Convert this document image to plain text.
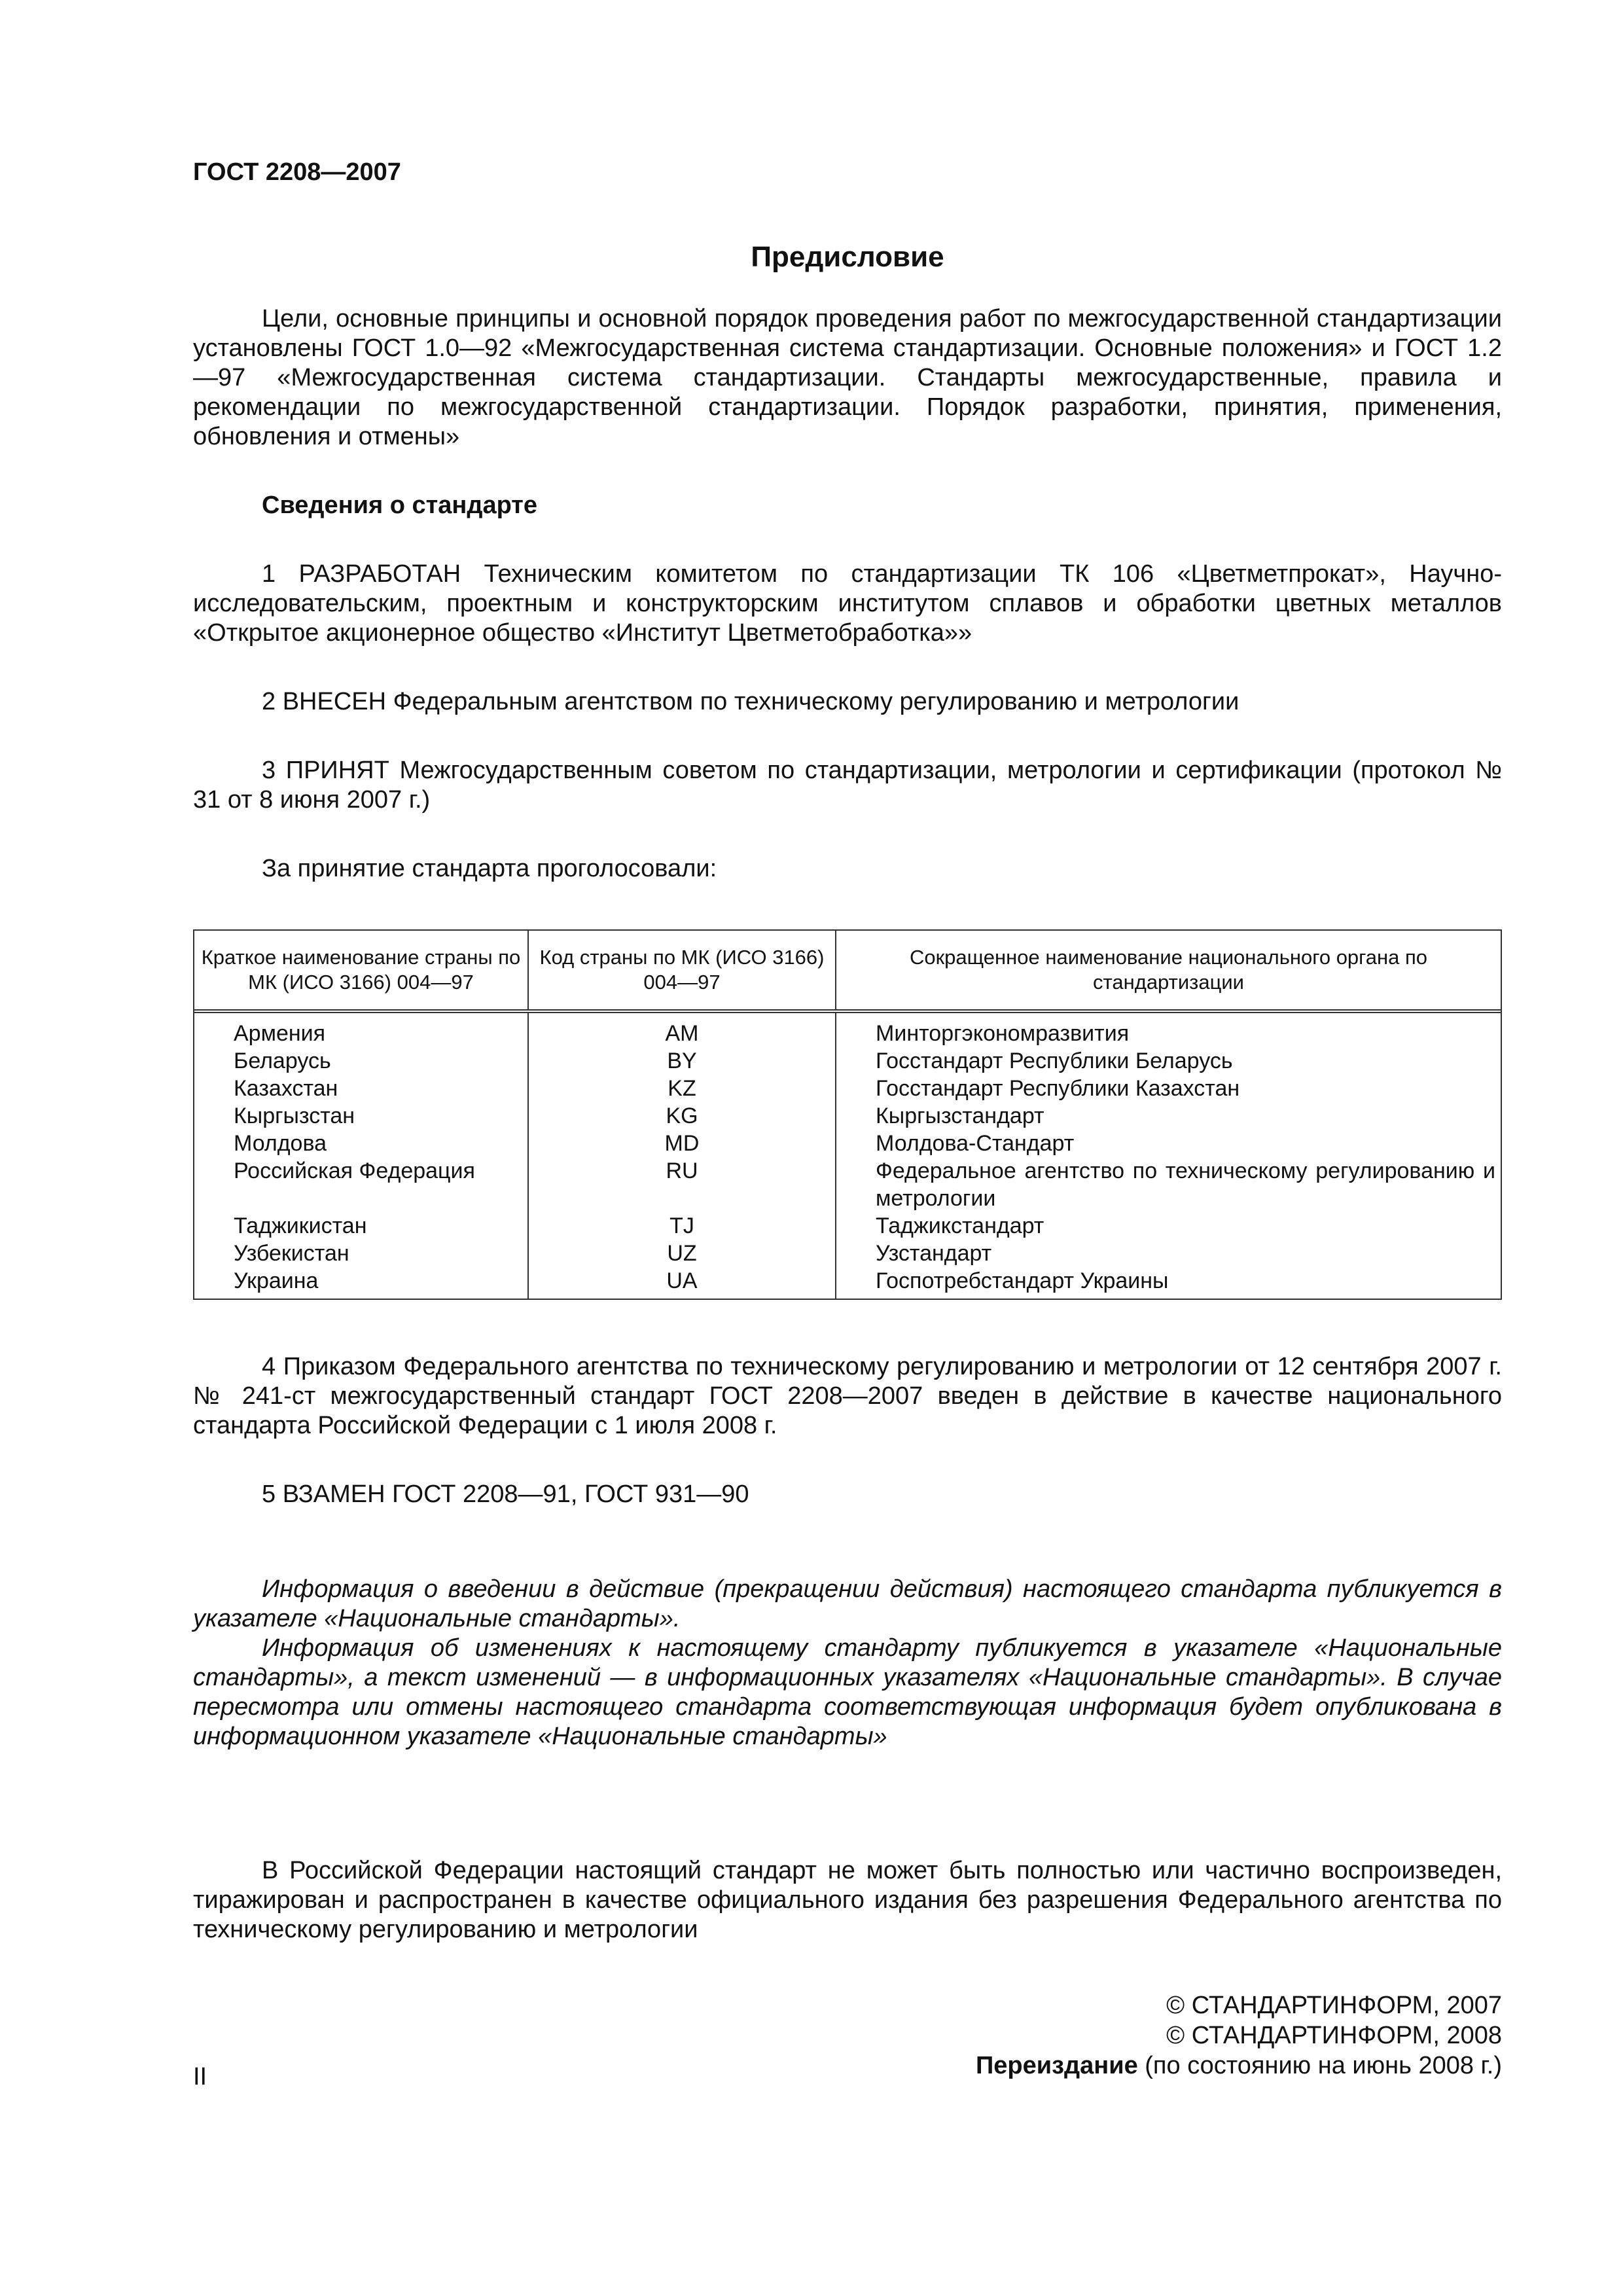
ГОСТ 2208—2007
Предисловие

Цели, основные принципы и основной порядок проведения работ по межгосударственной стандартизации установлены ГОСТ 1.0—92 «Межгосударственная система стандартизации. Основные положения» и ГОСТ 1.2—97 «Межгосударственная система стандартизации. Стандарты межгосударственные, правила и рекомендации по межгосударственной стандартизации. Порядок разработки, принятия, применения, обновления и отмены»

Сведения о стандарте

1 РАЗРАБОТАН Техническим комитетом по стандартизации ТК 106 «Цветметпрокат», Научно-исследовательским, проектным и конструкторским институтом сплавов и обработки цветных металлов «Открытое акционерное общество «Институт Цветметобработка»»

2 ВНЕСЕН Федеральным агентством по техническому регулированию и метрологии

3 ПРИНЯТ Межгосударственным советом по стандартизации, метрологии и сертификации (протокол № 31 от 8 июня 2007 г.)

За принятие стандарта проголосовали:

Краткое наименование страны по МК (ИСО 3166) 004—97	Код страны по МК (ИСО 3166) 004—97	Сокращенное наименование национального органа по стандартизации
Армения	AM	Минторгэкономразвития
Беларусь	BY	Госстандарт Республики Беларусь
Казахстан	KZ	Госстандарт Республики Казахстан
Кыргызстан	KG	Кыргызстандарт
Молдова	MD	Молдова-Стандарт
Российская Федерация	RU	Федеральное агентство по техническому регулированию и метрологии
Таджикистан	TJ	Таджикстандарт
Узбекистан	UZ	Узстандарт
Украина	UA	Госпотребстандарт Украины

4 Приказом Федерального агентства по техническому регулированию и метрологии от 12 сентября 2007 г. № 241-ст межгосударственный стандарт ГОСТ 2208—2007 введен в действие в качестве национального стандарта Российской Федерации с 1 июля 2008 г.

5 ВЗАМЕН ГОСТ 2208—91, ГОСТ 931—90

Информация о введении в действие (прекращении действия) настоящего стандарта публикуется в указателе «Национальные стандарты».

Информация об изменениях к настоящему стандарту публикуется в указателе «Национальные стандарты», а текст изменений — в информационных указателях «Национальные стандарты». В случае пересмотра или отмены настоящего стандарта соответствующая информация будет опубликована в информационном указателе «Национальные стандарты»

В Российской Федерации настоящий стандарт не может быть полностью или частично воспроизведен, тиражирован и распространен в качестве официального издания без разрешения Федерального агентства по техническому регулированию и метрологии

© СТАНДАРТИНФОРМ, 2007
© СТАНДАРТИНФОРМ, 2008
Переиздание (по состоянию на июнь 2008 г.)
II
